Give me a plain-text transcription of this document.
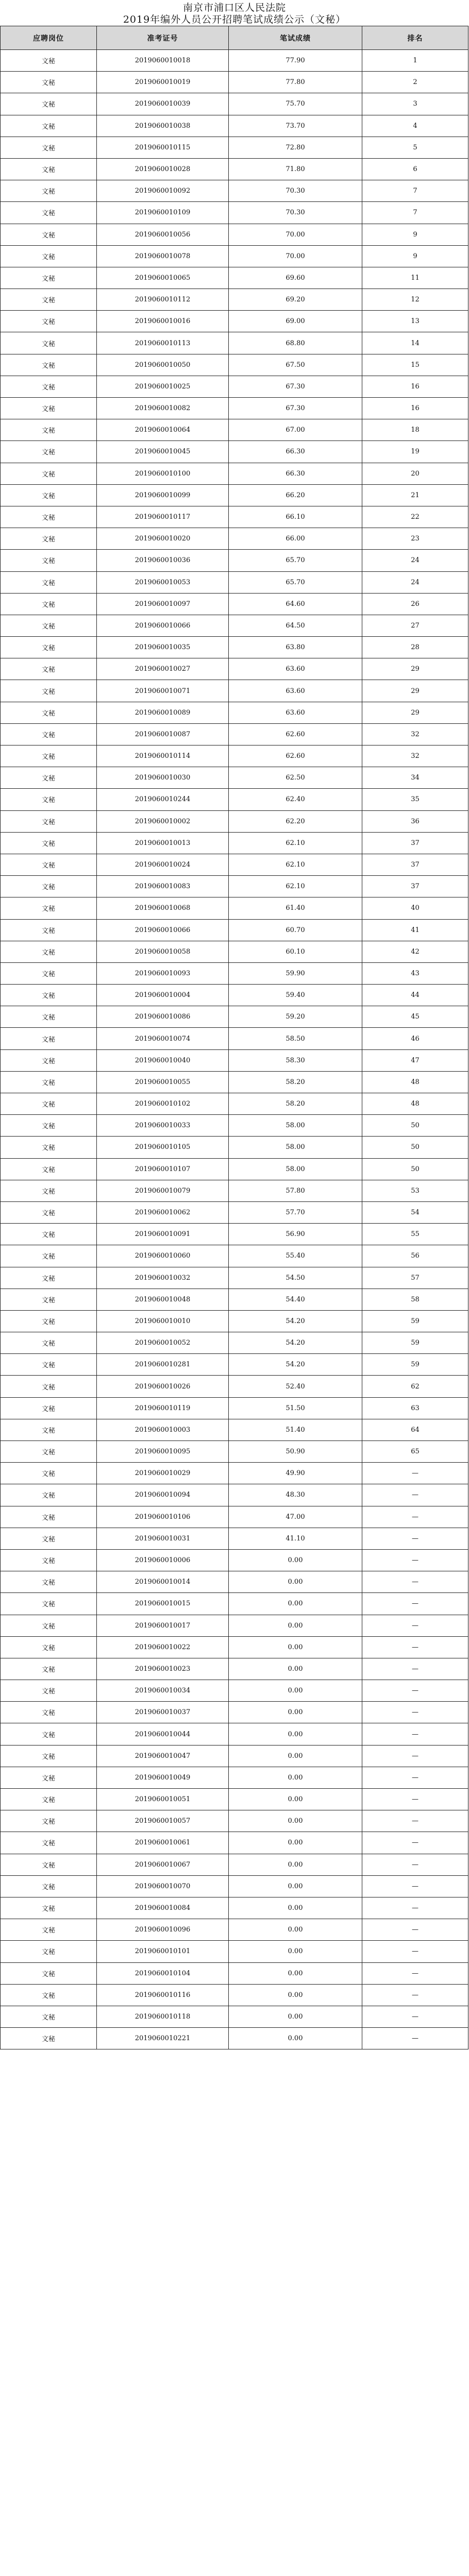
南京市浦口区人民法院
2019年编外人员公开招聘笔试成绩公示（文秘）
应聘岗位	准考证号	笔试成绩	排名
文秘	2019060010018	77.90	1
文秘	2019060010019	77.80	2
文秘	2019060010039	75.70	3
文秘	2019060010038	73.70	4
文秘	2019060010115	72.80	5
文秘	2019060010028	71.80	6
文秘	2019060010092	70.30	7
文秘	2019060010109	70.30	7
文秘	2019060010056	70.00	9
文秘	2019060010078	70.00	9
文秘	2019060010065	69.60	11
文秘	2019060010112	69.20	12
文秘	2019060010016	69.00	13
文秘	2019060010113	68.80	14
文秘	2019060010050	67.50	15
文秘	2019060010025	67.30	16
文秘	2019060010082	67.30	16
文秘	2019060010064	67.00	18
文秘	2019060010045	66.30	19
文秘	2019060010100	66.30	20
文秘	2019060010099	66.20	21
文秘	2019060010117	66.10	22
文秘	2019060010020	66.00	23
文秘	2019060010036	65.70	24
文秘	2019060010053	65.70	24
文秘	2019060010097	64.60	26
文秘	2019060010066	64.50	27
文秘	2019060010035	63.80	28
文秘	2019060010027	63.60	29
文秘	2019060010071	63.60	29
文秘	2019060010089	63.60	29
文秘	2019060010087	62.60	32
文秘	2019060010114	62.60	32
文秘	2019060010030	62.50	34
文秘	2019060010244	62.40	35
文秘	2019060010002	62.20	36
文秘	2019060010013	62.10	37
文秘	2019060010024	62.10	37
文秘	2019060010083	62.10	37
文秘	2019060010068	61.40	40
文秘	2019060010066	60.70	41
文秘	2019060010058	60.10	42
文秘	2019060010093	59.90	43
文秘	2019060010004	59.40	44
文秘	2019060010086	59.20	45
文秘	2019060010074	58.50	46
文秘	2019060010040	58.30	47
文秘	2019060010055	58.20	48
文秘	2019060010102	58.20	48
文秘	2019060010033	58.00	50
文秘	2019060010105	58.00	50
文秘	2019060010107	58.00	50
文秘	2019060010079	57.80	53
文秘	2019060010062	57.70	54
文秘	2019060010091	56.90	55
文秘	2019060010060	55.40	56
文秘	2019060010032	54.50	57
文秘	2019060010048	54.40	58
文秘	2019060010010	54.20	59
文秘	2019060010052	54.20	59
文秘	2019060010281	54.20	59
文秘	2019060010026	52.40	62
文秘	2019060010119	51.50	63
文秘	2019060010003	51.40	64
文秘	2019060010095	50.90	65
文秘	2019060010029	49.90	—
文秘	2019060010094	48.30	—
文秘	2019060010106	47.00	—
文秘	2019060010031	41.10	—
文秘	2019060010006	0.00	—
文秘	2019060010014	0.00	—
文秘	2019060010015	0.00	—
文秘	2019060010017	0.00	—
文秘	2019060010022	0.00	—
文秘	2019060010023	0.00	—
文秘	2019060010034	0.00	—
文秘	2019060010037	0.00	—
文秘	2019060010044	0.00	—
文秘	2019060010047	0.00	—
文秘	2019060010049	0.00	—
文秘	2019060010051	0.00	—
文秘	2019060010057	0.00	—
文秘	2019060010061	0.00	—
文秘	2019060010067	0.00	—
文秘	2019060010070	0.00	—
文秘	2019060010084	0.00	—
文秘	2019060010096	0.00	—
文秘	2019060010101	0.00	—
文秘	2019060010104	0.00	—
文秘	2019060010116	0.00	—
文秘	2019060010118	0.00	—
文秘	2019060010221	0.00	—
